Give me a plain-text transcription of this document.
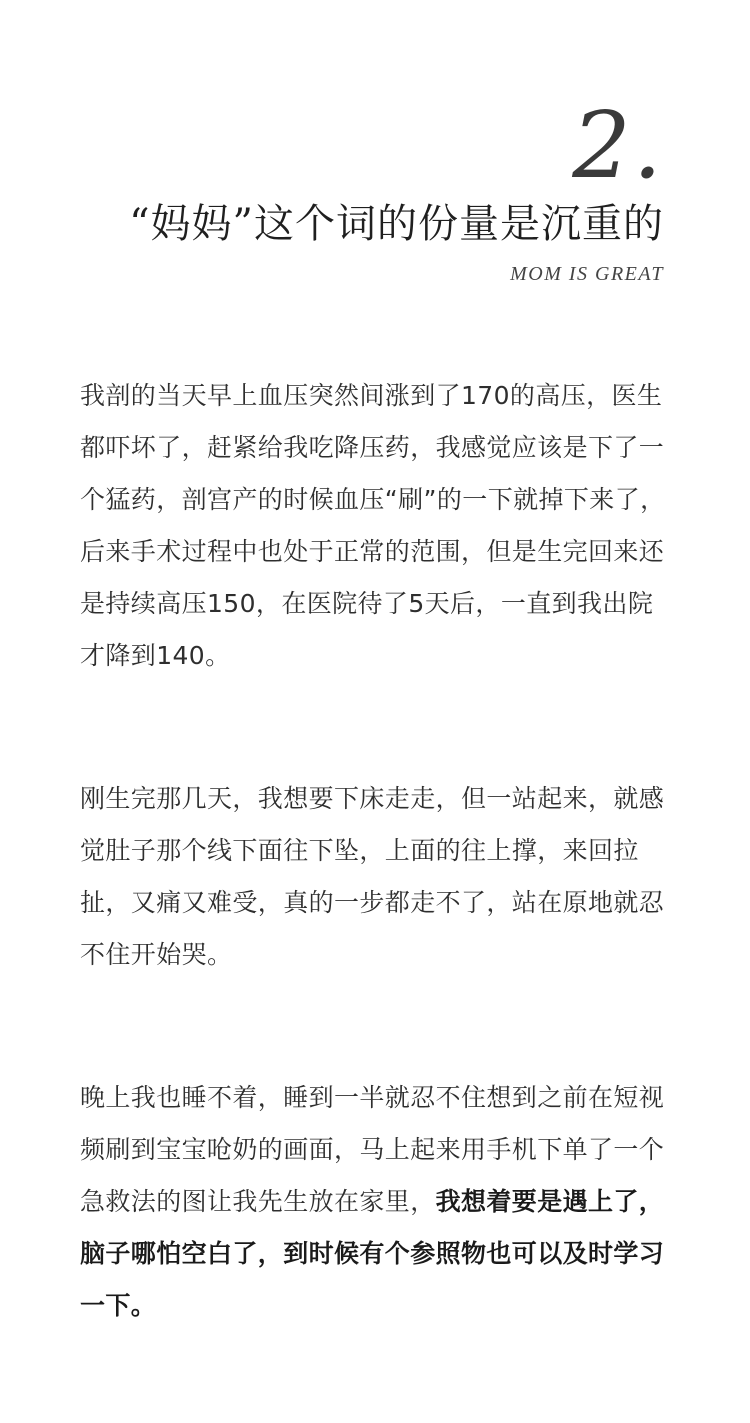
2.
“妈妈”这个词的份量是沉重的
MOM IS GREAT

我剖的当天早上血压突然间涨到了170的高压，医生都吓坏了，赶紧给我吃降压药，我感觉应该是下了一个猛药，剖宫产的时候血压“刷”的一下就掉下来了，后来手术过程中也处于正常的范围，但是生完回来还是持续高压150，在医院待了5天后，一直到我出院才降到140。

刚生完那几天，我想要下床走走，但一站起来，就感觉肚子那个线下面往下坠，上面的往上撑，来回拉扯，又痛又难受，真的一步都走不了，站在原地就忍不住开始哭。

晚上我也睡不着，睡到一半就忍不住想到之前在短视频刷到宝宝呛奶的画面，马上起来用手机下单了一个急救法的图让我先生放在家里，我想着要是遇上了，脑子哪怕空白了，到时候有个参照物也可以及时学习一下。
